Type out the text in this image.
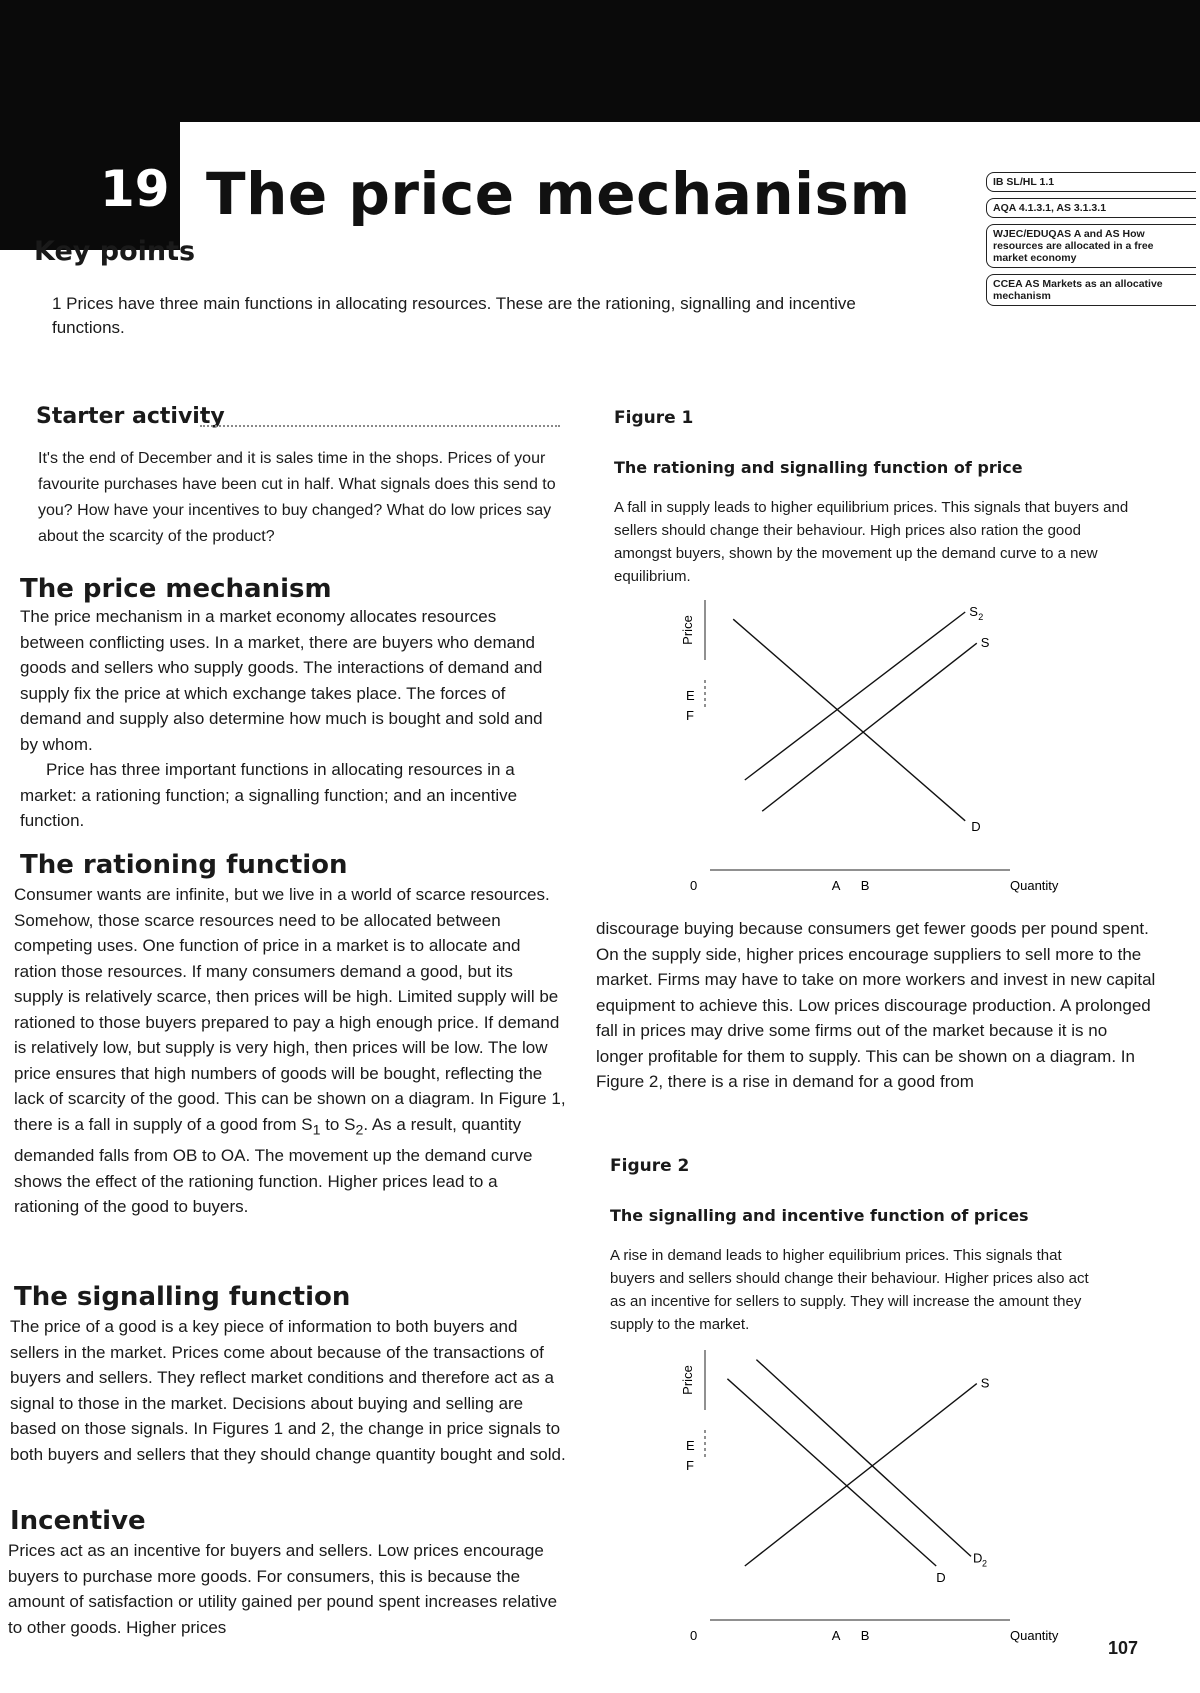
19 The price mechanism	IB SL/HL 1.1
AQA 4.1.3.1, AS 3.1.3.1
WJEC/EDUQAS A and AS How resources are allocated in a free market economy
CCEA AS Markets as an allocative mechanism
Key points
1 Prices have three main functions in allocating resources. These are the rationing, signalling and incentive functions.
Starter activity
It's the end of December and it is sales time in the shops. Prices of your favourite purchases have been cut in half. What signals does this send to you? How have your incentives to buy changed? What do low prices say about the scarcity of the product?
The price mechanism
The price mechanism in a market economy allocates resources between conflicting uses. In a market, there are buyers who demand goods and sellers who supply goods. The interactions of demand and supply fix the price at which exchange takes place. The forces of demand and supply also determine how much is bought and sold and by whom.
Price has three important functions in allocating resources in a market: a rationing function; a signalling function; and an incentive function.
The rationing function
Consumer wants are infinite, but we live in a world of scarce resources. Somehow, those scarce resources need to be allocated between competing uses. One function of price in a market is to allocate and ration those resources. If many consumers demand a good, but its supply is relatively scarce, then prices will be high. Limited supply will be rationed to those buyers prepared to pay a high enough price. If demand is relatively low, but supply is very high, then prices will be low. The low price ensures that high numbers of goods will be bought, reflecting the lack of scarcity of the good. This can be shown on a diagram. In Figure 1, there is a fall in supply of a good from $S_1$ to $S_2$. As a result, quantity demanded falls from OB to OA. The movement up the demand curve shows the effect of the rationing function. Higher prices lead to a rationing of the good to buyers.
The signalling function
The price of a good is a key piece of information to both buyers and sellers in the market. Prices come about because of the transactions of buyers and sellers. They reflect market conditions and therefore act as a signal to those in the market. Decisions about buying and selling are based on those signals. In Figures 1 and 2, the change in price signals to both buyers and sellers that they should change quantity bought and sold.
Incentive
Prices act as an incentive for buyers and sellers. Low prices encourage buyers to purchase more goods. For consumers, this is because the amount of satisfaction or utility gained per pound spent increases relative to other goods. Higher prices
Figure 1
The rationing and signalling function of price
A fall in supply leads to higher equilibrium prices. This signals that buyers and sellers should change their behaviour. High prices also ration the good amongst buyers, shown by the movement up the demand curve to a new equilibrium.
Price
Quantity
0
E
F
A B
S 2
S
D
discourage buying because consumers get fewer goods per pound spent. On the supply side, higher prices encourage suppliers to sell more to the market. Firms may have to take on more workers and invest in new capital equipment to achieve this. Low prices discourage production. A prolonged fall in prices may drive some firms out of the market because it is no longer profitable for them to supply. This can be shown on a diagram. In Figure 2, there is a rise in demand for a good from
Figure 2
The signalling and incentive function of prices
A rise in demand leads to higher equilibrium prices. This signals that buyers and sellers should change their behaviour. Higher prices also act as an incentive for sellers to supply. They will increase the amount they supply to the market.
Price
Quantity
0
E
F
A B
S
D
D 2
107
